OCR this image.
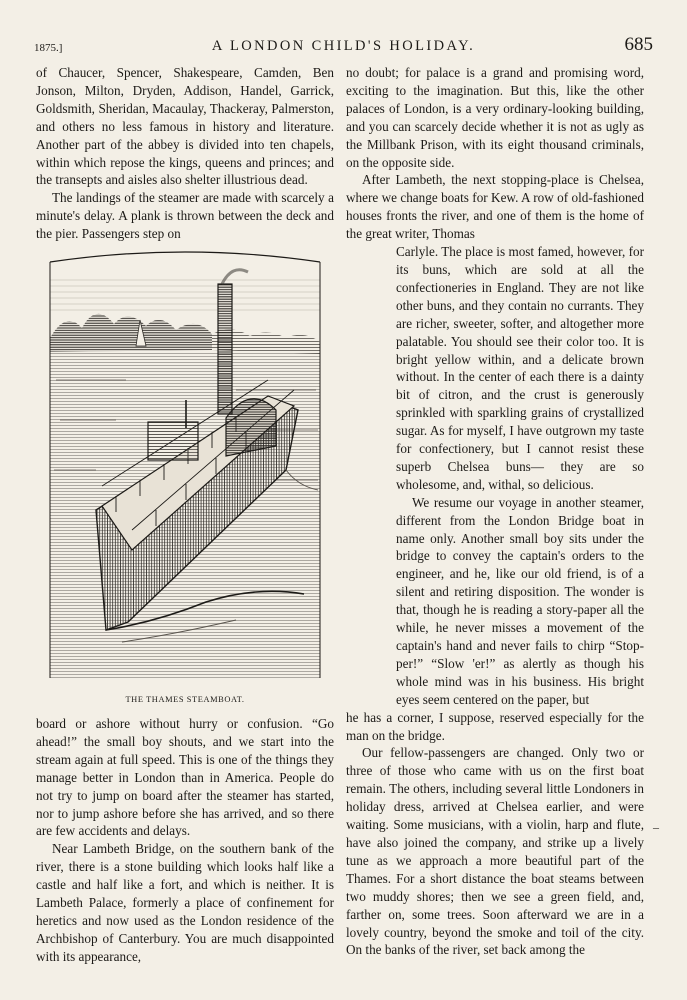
1875.]	A LONDON CHILD'S HOLIDAY.	685

of Chaucer, Spencer, Shakespeare, Camden, Ben Jonson, Milton, Dryden, Addison, Handel, Garrick, Goldsmith, Sheridan, Macaulay, Thackeray, Palmerston, and others no less famous in history and literature. Another part of the abbey is divided into ten chapels, within which repose the kings, queens and princes; and the transepts and aisles also shelter illustrious dead.

The landings of the steamer are made with scarcely a minute's delay. A plank is thrown between the deck and the pier. Passengers step on

THE THAMES STEAMBOAT.

board or ashore without hurry or confusion. “Go ahead!” the small boy shouts, and we start into the stream again at full speed. This is one of the things they manage better in London than in America. People do not try to jump on board after the steamer has started, nor to jump ashore before she has arrived, and so there are few accidents and delays.

Near Lambeth Bridge, on the southern bank of the river, there is a stone building which looks half like a castle and half like a fort, and which is neither. It is Lambeth Palace, formerly a place of confinement for heretics and now used as the London residence of the Archbishop of Canterbury. You are much disappointed with its appearance,

no doubt; for palace is a grand and promising word, exciting to the imagination. But this, like the other palaces of London, is a very ordinary-looking building, and you can scarcely decide whether it is not as ugly as the Millbank Prison, with its eight thousand criminals, on the opposite side.

After Lambeth, the next stopping-place is Chelsea, where we change boats for Kew. A row of old-fashioned houses fronts the river, and one of them is the home of the great writer, Thomas

Carlyle. The place is most famed, however, for its buns, which are sold at all the confectioneries in England. They are not like other buns, and they contain no currants. They are richer, sweeter, softer, and altogether more palatable. You should see their color too. It is bright yellow within, and a delicate brown without. In the center of each there is a dainty bit of citron, and the crust is generously sprinkled with sparkling grains of crystallized sugar. As for myself, I have outgrown my taste for confectionery, but I cannot resist these superb Chelsea buns— they are so wholesome, and, withal, so delicious.

We resume our voyage in another steamer, different from the London Bridge boat in name only. Another small boy sits under the bridge to convey the captain's orders to the engineer, and he, like our old friend, is of a silent and retiring disposition. The wonder is that, though he is reading a story-paper all the while, he never misses a movement of the captain's hand and never fails to chirp “Stop-per!” “Slow 'er!” as alertly as though his whole mind was in his business. His bright eyes seem centered on the paper, but

he has a corner, I suppose, reserved especially for the man on the bridge.

Our fellow-passengers are changed. Only two or three of those who came with us on the first boat remain. The others, including several little Londoners in holiday dress, arrived at Chelsea earlier, and were waiting. Some musicians, with a violin, harp and flute, have also joined the company, and strike up a lively tune as we approach a more beautiful part of the Thames. For a short distance the boat steams between two muddy shores; then we see a green field, and, farther on, some trees. Soon afterward we are in a lovely country, beyond the smoke and toil of the city. On the banks of the river, set back among the

–
